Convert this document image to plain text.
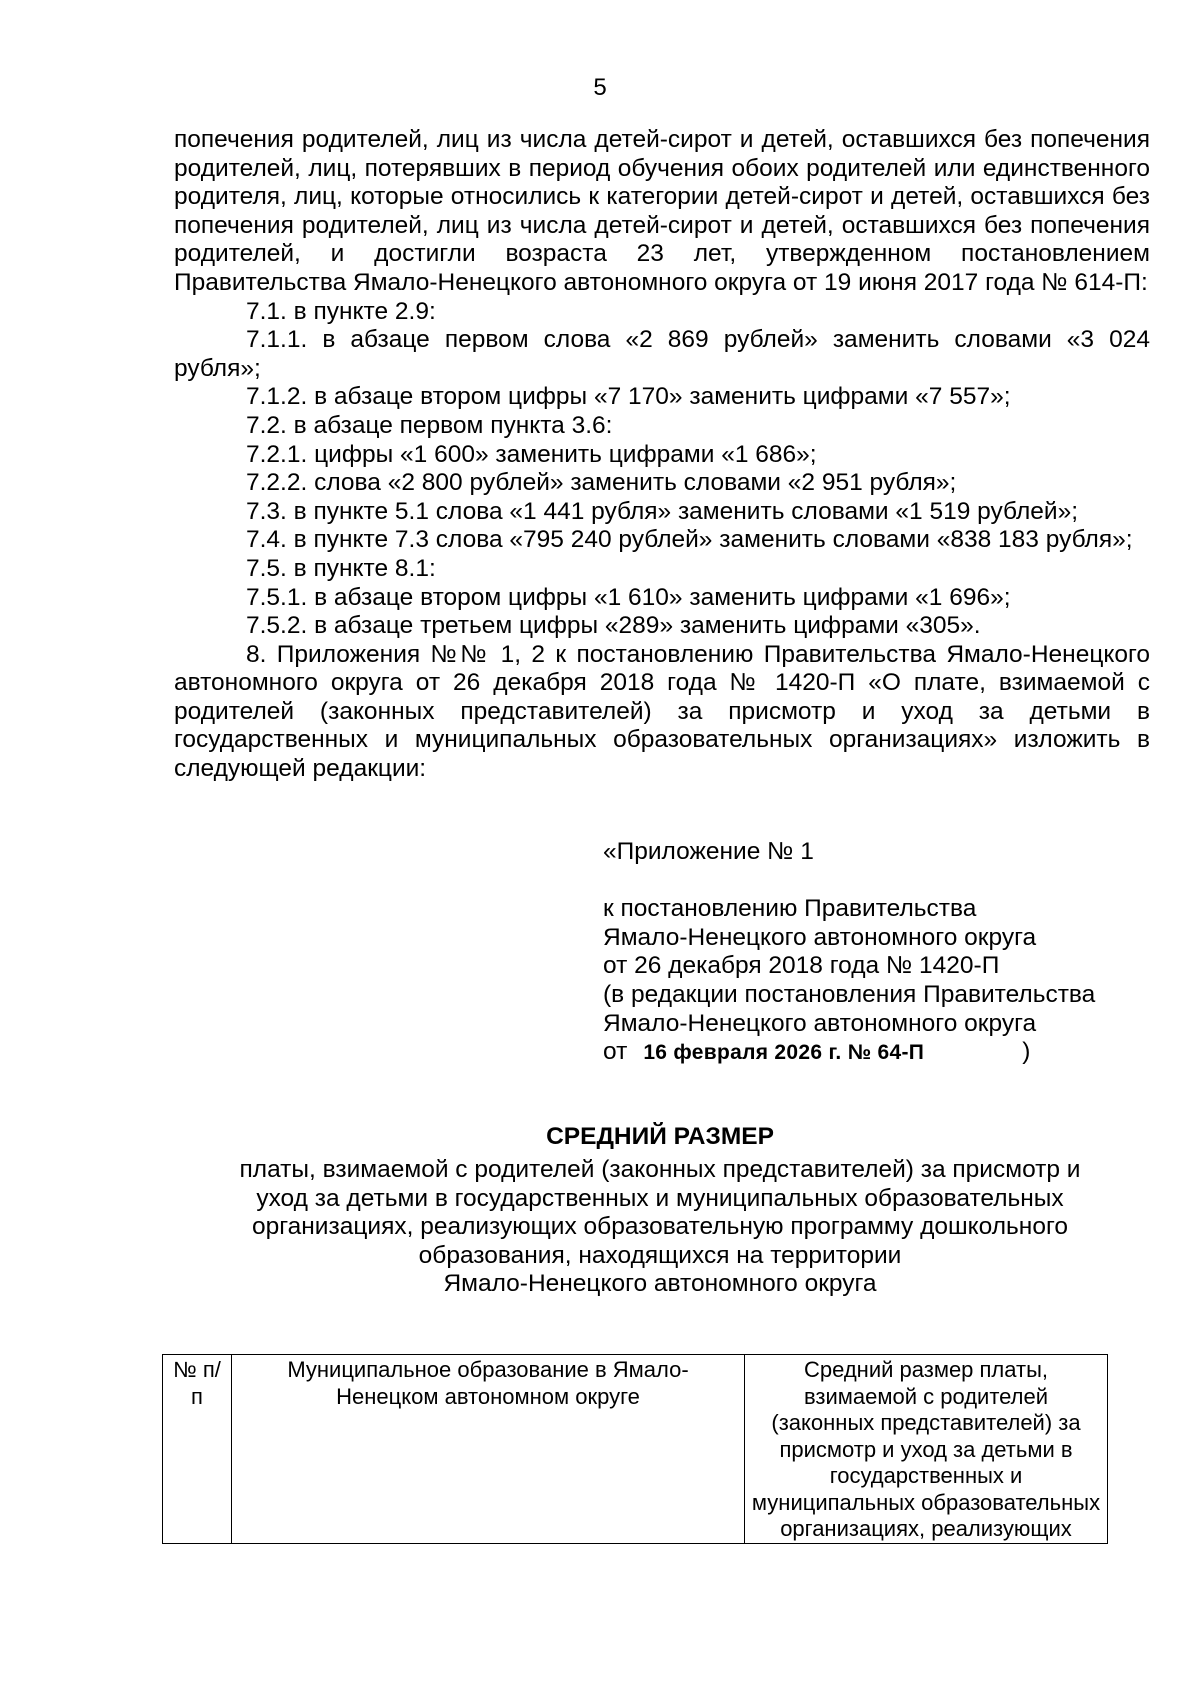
5

попечения родителей, лиц из числа детей-сирот и детей, оставшихся без попечения родителей, лиц, потерявших в период обучения обоих родителей или единственного родителя, лиц, которые относились к категории детей-сирот и детей, оставшихся без попечения родителей, лиц из числа детей-сирот и детей, оставшихся без попечения родителей, и достигли возраста 23 лет, утвержденном постановлением Правительства Ямало-Ненецкого автономного округа от 19 июня 2017 года № 614-П:

7.1. в пункте 2.9:

7.1.1. в абзаце первом слова «2 869 рублей» заменить словами «3 024 рубля»;

7.1.2. в абзаце втором цифры «7 170» заменить цифрами «7 557»;

7.2. в абзаце первом пункта 3.6:

7.2.1. цифры «1 600» заменить цифрами «1 686»;

7.2.2. слова «2 800 рублей» заменить словами «2 951 рубля»;

7.3. в пункте 5.1 слова «1 441 рубля» заменить словами «1 519 рублей»;

7.4. в пункте 7.3 слова «795 240 рублей» заменить словами «838 183 рубля»;

7.5. в пункте 8.1:

7.5.1. в абзаце втором цифры «1 610» заменить цифрами «1 696»;

7.5.2. в абзаце третьем цифры «289» заменить цифрами «305».

8. Приложения №№ 1, 2 к постановлению Правительства Ямало-Ненецкого автономного округа от 26 декабря 2018 года № 1420-П «О плате, взимаемой с родителей (законных представителей) за присмотр и уход за детьми в государственных и муниципальных образовательных организациях» изложить в следующей редакции:

«Приложение № 1

к постановлению Правительства

Ямало-Ненецкого автономного округа

от 26 декабря 2018 года № 1420-П

(в редакции постановления Правительства

Ямало-Ненецкого автономного округа

от 16 февраля 2026 г. № 64-П	)

СРЕДНИЙ РАЗМЕР

платы, взимаемой с родителей (законных представителей) за присмотр и

уход за детьми в государственных и муниципальных образовательных

организациях, реализующих образовательную программу дошкольного

образования, находящихся на территории

Ямало-Ненецкого автономного округа

№ п/п	Муниципальное образование в Ямало-Ненецком автономном округе	Средний размер платы, взимаемой с родителей (законных представителей) за присмотр и уход за детьми в государственных и муниципальных образовательных организациях, реализующих
